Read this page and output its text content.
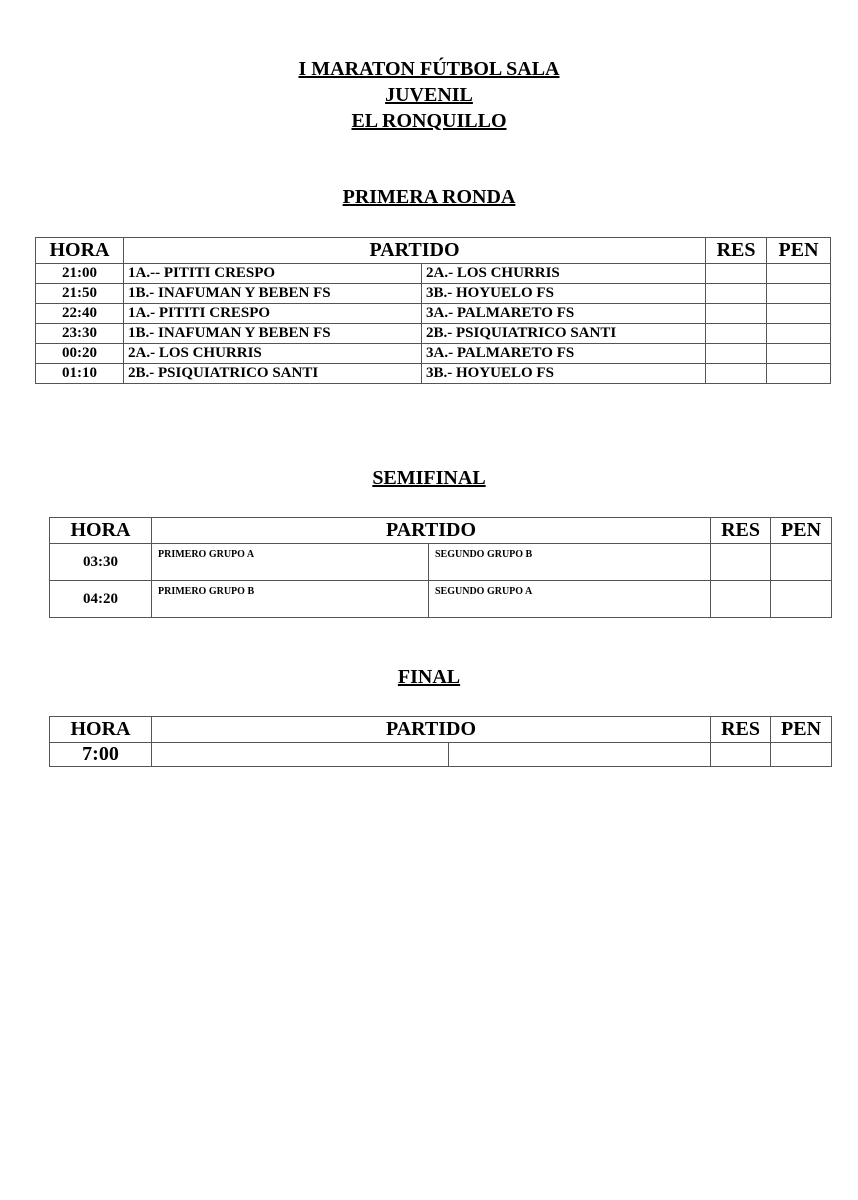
I MARATON FÚTBOL SALA
JUVENIL
EL RONQUILLO
PRIMERA RONDA
HORA	PARTIDO		RES	PEN
21:00	1A.-- PITITI CRESPO	2A.- LOS CHURRIS		
21:50	1B.- INAFUMAN Y BEBEN FS	3B.- HOYUELO FS		
22:40	1A.- PITITI CRESPO	3A.- PALMARETO FS		
23:30	1B.- INAFUMAN Y BEBEN FS	2B.- PSIQUIATRICO SANTI		
00:20	2A.- LOS CHURRIS	3A.- PALMARETO FS		
01:10	2B.- PSIQUIATRICO SANTI	3B.- HOYUELO FS		
SEMIFINAL
HORA	PARTIDO		RES	PEN
03:30	PRIMERO GRUPO A	SEGUNDO GRUPO B		
04:20	PRIMERO GRUPO B	SEGUNDO GRUPO A		
FINAL
HORA	PARTIDO		RES	PEN
7:00				
